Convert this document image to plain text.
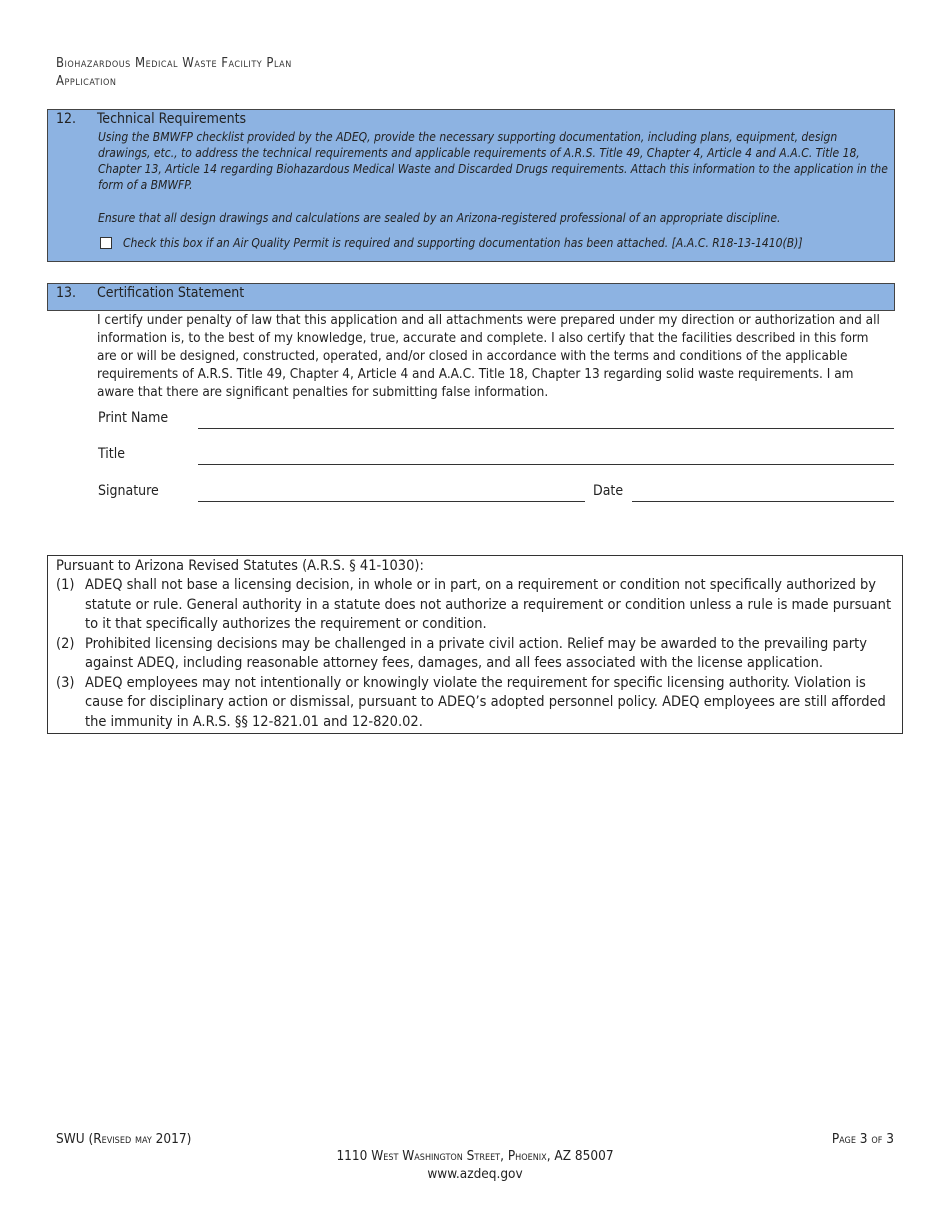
Biohazardous Medical Waste Facility Plan
Application
12. Technical Requirements
Using the BMWFP checklist provided by the ADEQ, provide the necessary supporting documentation, including plans, equipment, design drawings, etc., to address the technical requirements and applicable requirements of A.R.S. Title 49, Chapter 4, Article 4 and A.A.C. Title 18, Chapter 13, Article 14 regarding Biohazardous Medical Waste and Discarded Drugs requirements. Attach this information to the application in the form of a BMWFP.
Ensure that all design drawings and calculations are sealed by an Arizona-registered professional of an appropriate discipline.
Check this box if an Air Quality Permit is required and supporting documentation has been attached. [A.A.C. R18-13-1410(B)]
13. Certification Statement
I certify under penalty of law that this application and all attachments were prepared under my direction or authorization and all information is, to the best of my knowledge, true, accurate and complete. I also certify that the facilities described in this form are or will be designed, constructed, operated, and/or closed in accordance with the terms and conditions of the applicable requirements of A.R.S. Title 49, Chapter 4, Article 4 and A.A.C. Title 18, Chapter 13 regarding solid waste requirements. I am aware that there are significant penalties for submitting false information.
Print Name
Title
Signature	Date
Pursuant to Arizona Revised Statutes (A.R.S. § 41-1030):
(1) ADEQ shall not base a licensing decision, in whole or in part, on a requirement or condition not specifically authorized by statute or rule. General authority in a statute does not authorize a requirement or condition unless a rule is made pursuant to it that specifically authorizes the requirement or condition.
(2) Prohibited licensing decisions may be challenged in a private civil action. Relief may be awarded to the prevailing party against ADEQ, including reasonable attorney fees, damages, and all fees associated with the license application.
(3) ADEQ employees may not intentionally or knowingly violate the requirement for specific licensing authority. Violation is cause for disciplinary action or dismissal, pursuant to ADEQ’s adopted personnel policy. ADEQ employees are still afforded the immunity in A.R.S. §§ 12-821.01 and 12-820.02.
SWU (Revised may 2017)	Page 3 of 3
1110 West Washington Street, Phoenix, AZ 85007
www.azdeq.gov
